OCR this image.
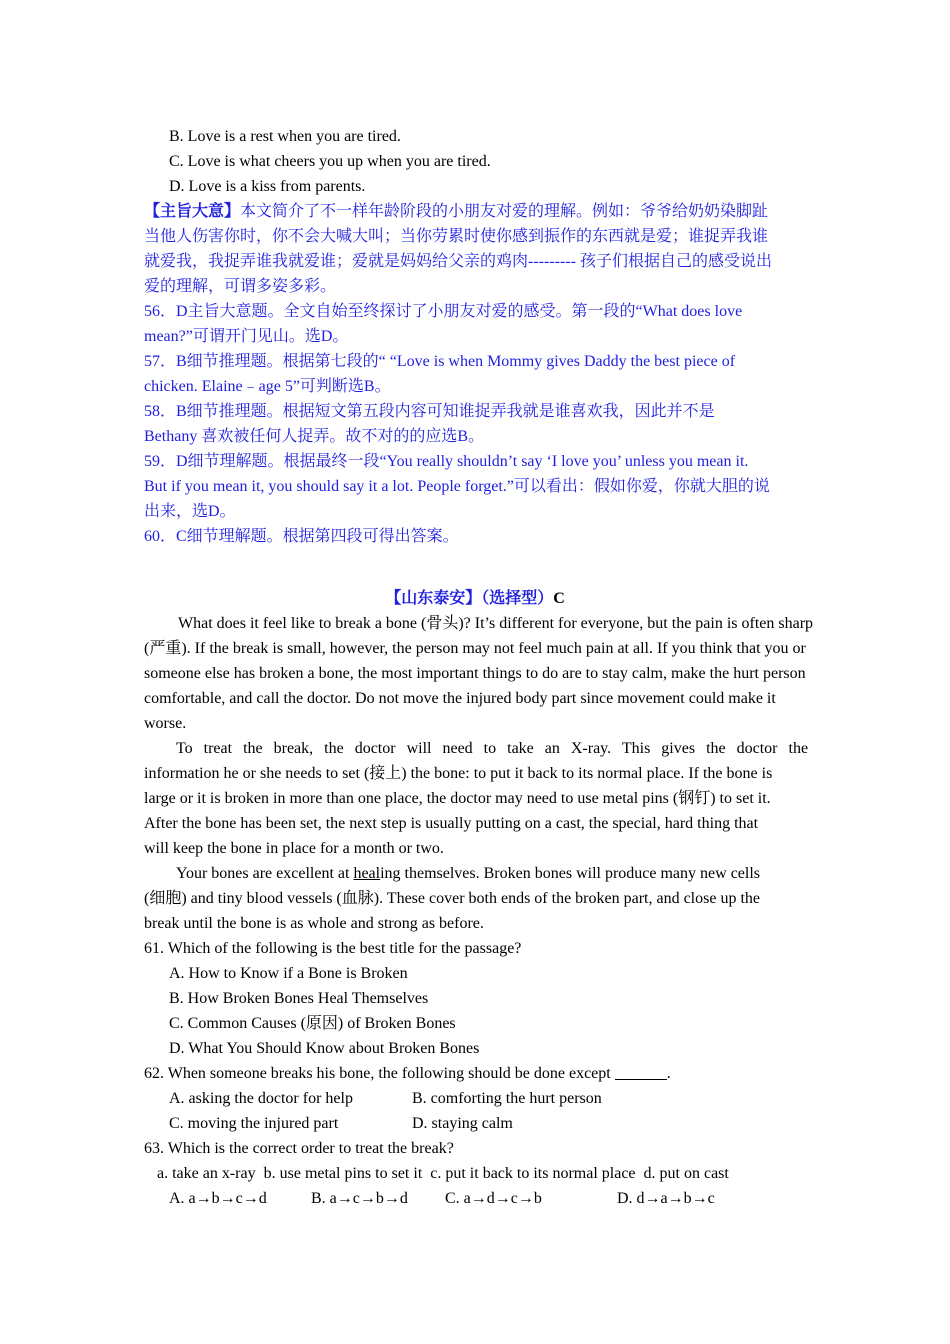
B. Love is a rest when you are tired.
C. Love is what cheers you up when you are tired.
D. Love is a kiss from parents.
【主旨大意】本文简介了不一样年龄阶段的小朋友对爱的理解。例如：爷爷给奶奶染脚趾
当他人伤害你时，你不会大喊大叫；当你劳累时使你感到振作的东西就是爱；谁捉弄我谁
就爱我，我捉弄谁我就爱谁；爱就是妈妈给父亲的鸡肉--------- 孩子们根据自己的感受说出
爱的理解，可谓多姿多彩。
56．D主旨大意题。全文自始至终探讨了小朋友对爱的感受。第一段的“What does love
mean?”可谓开门见山。选D。
57．B细节推理题。根据第七段的“ “Love is when Mommy gives Daddy the best piece of
chicken. Elaine﹣age 5”可判断选B。
58．B细节推理题。根据短文第五段内容可知谁捉弄我就是谁喜欢我，因此并不是
Bethany 喜欢被任何人捉弄。故不对的的应选B。
59．D细节理解题。根据最终一段“You really shouldn’t say ‘I love you’ unless you mean it.
But if you mean it, you should say it a lot. People forget.”可以看出：假如你爱，你就大胆的说
出来，选D。
60．C细节理解题。根据第四段可得出答案。
【山东泰安】（选择型）C
What does it feel like to break a bone (骨头)? It’s different for everyone, but the pain is often sharp
(严重). If the break is small, however, the person may not feel much pain at all. If you think that you or
someone else has broken a bone, the most important things to do are to stay calm, make the hurt person
comfortable, and call the doctor. Do not move the injured body part since movement could make it
worse.
To treat the break, the doctor will need to take an X-ray. This gives the doctor the
information he or she needs to set (接上) the bone: to put it back to its normal place. If the bone is
large or it is broken in more than one place, the doctor may need to use metal pins (钢钉) to set it.
After the bone has been set, the next step is usually putting on a cast, the special, hard thing that
will keep the bone in place for a month or two.
Your bones are excellent at healing themselves. Broken bones will produce many new cells
(细胞) and tiny blood vessels (血脉). These cover both ends of the broken part, and close up the
break until the bone is as whole and strong as before.
61. Which of the following is the best title for the passage?
A. How to Know if a Bone is Broken
B. How Broken Bones Heal Themselves
C. Common Causes (原因) of Broken Bones
D. What You Should Know about Broken Bones
62. When someone breaks his bone, the following should be done except	.
A. asking the doctor for help	B. comforting the hurt person
C. moving the injured part	D. staying calm
63. Which is the correct order to treat the break?
a. take an x-ray  b. use metal pins to set it  c. put it back to its normal place  d. put on cast
A. a→b→c→d	B. a→c→b→d	C. a→d→c→b	D. d→a→b→c
